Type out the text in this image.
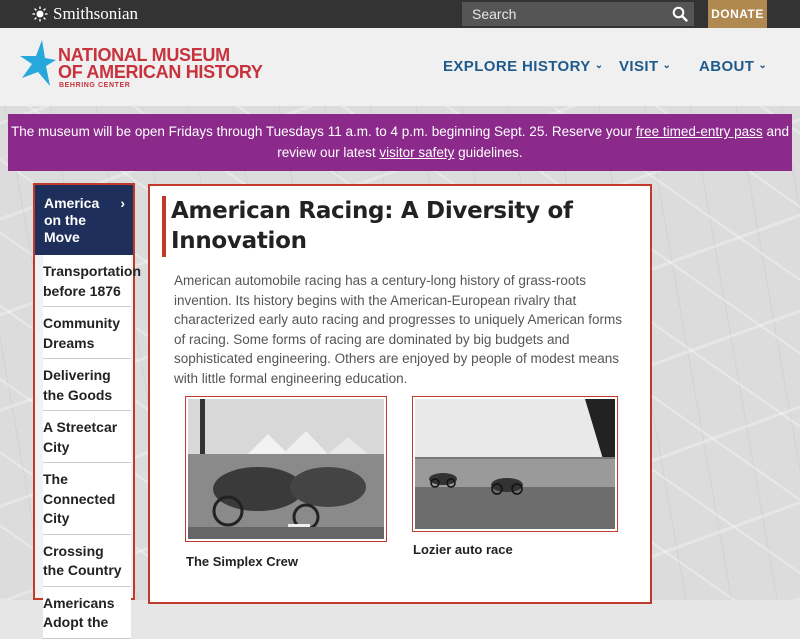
Smithsonian
Search	DONATE
NATIONAL MUSEUM
OF AMERICAN HISTORY
BEHRING CENTER
EXPLORE HISTORY ⌄ VISIT ⌄ ABOUT ⌄
The museum will be open Fridays through Tuesdays 11 a.m. to 4 p.m. beginning Sept. 25. Reserve your free timed-entry pass and review our latest visitor safety guidelines.
America on the Move
›
Transportation before 1876
Community Dreams
Delivering the Goods
A Streetcar City
The Connected City
Crossing the Country
Americans Adopt the
American Racing: A Diversity of Innovation

American automobile racing has a century-long history of grass-roots invention. Its history begins with the American-European rivalry that characterized early auto racing and progresses to uniquely American forms of racing. Some forms of racing are dominated by big budgets and sophisticated engineering. Others are enjoyed by people of modest means with little formal engineering education.

The Simplex Crew
Lozier auto race
